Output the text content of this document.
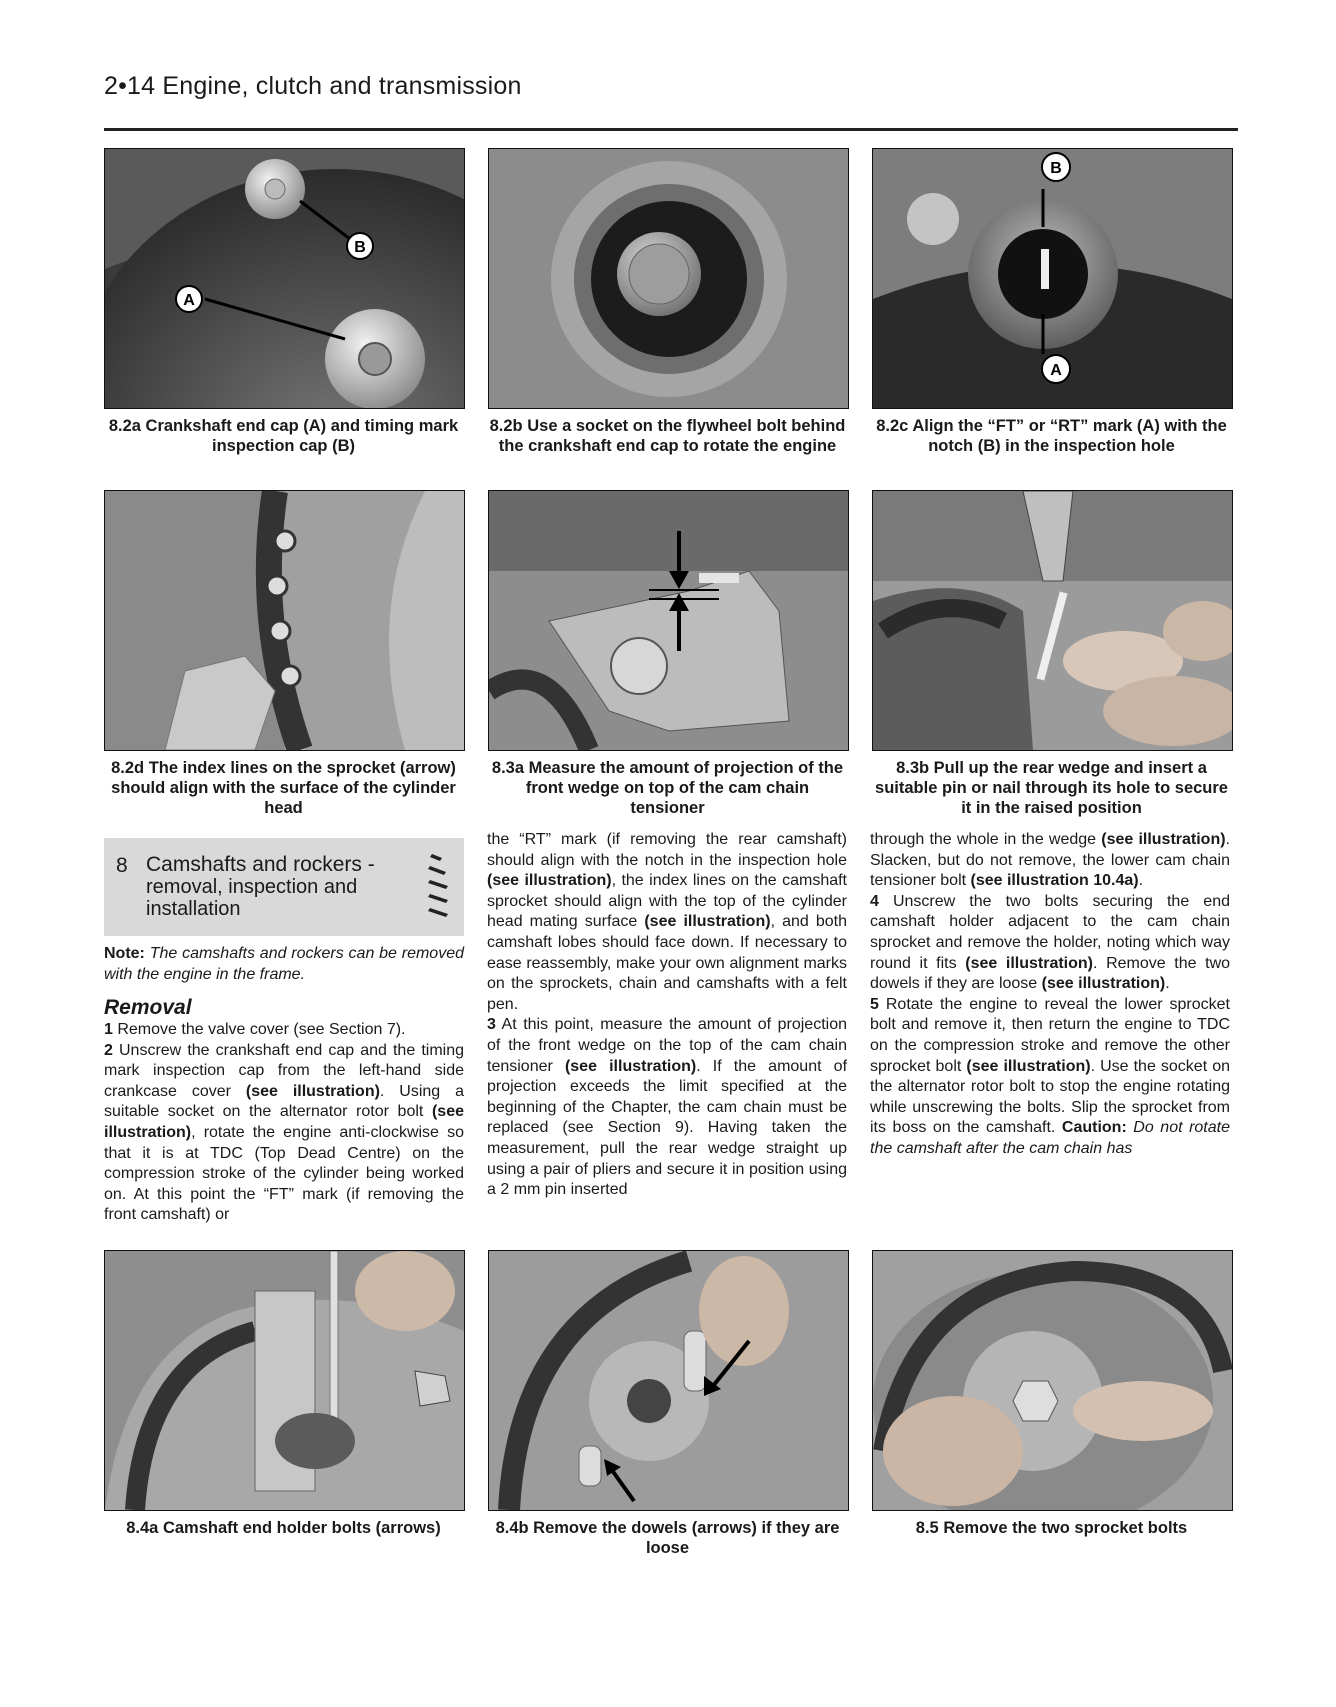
2•14 Engine, clutch and transmission
B
A
8.2a Crankshaft end cap (A) and timing mark inspection cap (B)
8.2b Use a socket on the flywheel bolt behind the crankshaft end cap to rotate the engine
B
A
8.2c Align the “FT” or “RT” mark (A) with the notch (B) in the inspection hole
8.2d The index lines on the sprocket (arrow) should align with the surface of the cylinder head
8.3a Measure the amount of projection of the front wedge on top of the cam chain tensioner
8.3b Pull up the rear wedge and insert a suitable pin or nail through its hole to secure it in the raised position
8 Camshafts and rockers -
removal, inspection and installation

Note: The camshafts and rockers can be removed with the engine in the frame.

Removal

1 Remove the valve cover (see Section 7).

2 Unscrew the crankshaft end cap and the timing mark inspection cap from the left-hand side crankcase cover (see illustration). Using a suitable socket on the alternator rotor bolt (see illustration), rotate the engine anti-clockwise so that it is at TDC (Top Dead Centre) on the compression stroke of the cylinder being worked on. At this point the “FT” mark (if removing the front camshaft) or

the “RT” mark (if removing the rear camshaft) should align with the notch in the inspection hole (see illustration), the index lines on the camshaft sprocket should align with the top of the cylinder head mating surface (see illustration), and both camshaft lobes should face down. If necessary to ease reassembly, make your own alignment marks on the sprockets, chain and camshafts with a felt pen.

3 At this point, measure the amount of projection of the front wedge on the top of the cam chain tensioner (see illustration). If the amount of projection exceeds the limit specified at the beginning of the Chapter, the cam chain must be replaced (see Section 9). Having taken the measurement, pull the rear wedge straight up using a pair of pliers and secure it in position using a 2 mm pin inserted

through the whole in the wedge (see illustration). Slacken, but do not remove, the lower cam chain tensioner bolt (see illustration 10.4a).

4 Unscrew the two bolts securing the end camshaft holder adjacent to the cam chain sprocket and remove the holder, noting which way round it fits (see illustration). Remove the two dowels if they are loose (see illustration).

5 Rotate the engine to reveal the lower sprocket bolt and remove it, then return the engine to TDC on the compression stroke and remove the other sprocket bolt (see illustration). Use the socket on the alternator rotor bolt to stop the engine rotating while unscrewing the bolts. Slip the sprocket from its boss on the camshaft. Caution: Do not rotate the camshaft after the cam chain has

8.4a Camshaft end holder bolts (arrows)	8.4b Remove the dowels (arrows) if they are loose
8.5 Remove the two sprocket bolts
